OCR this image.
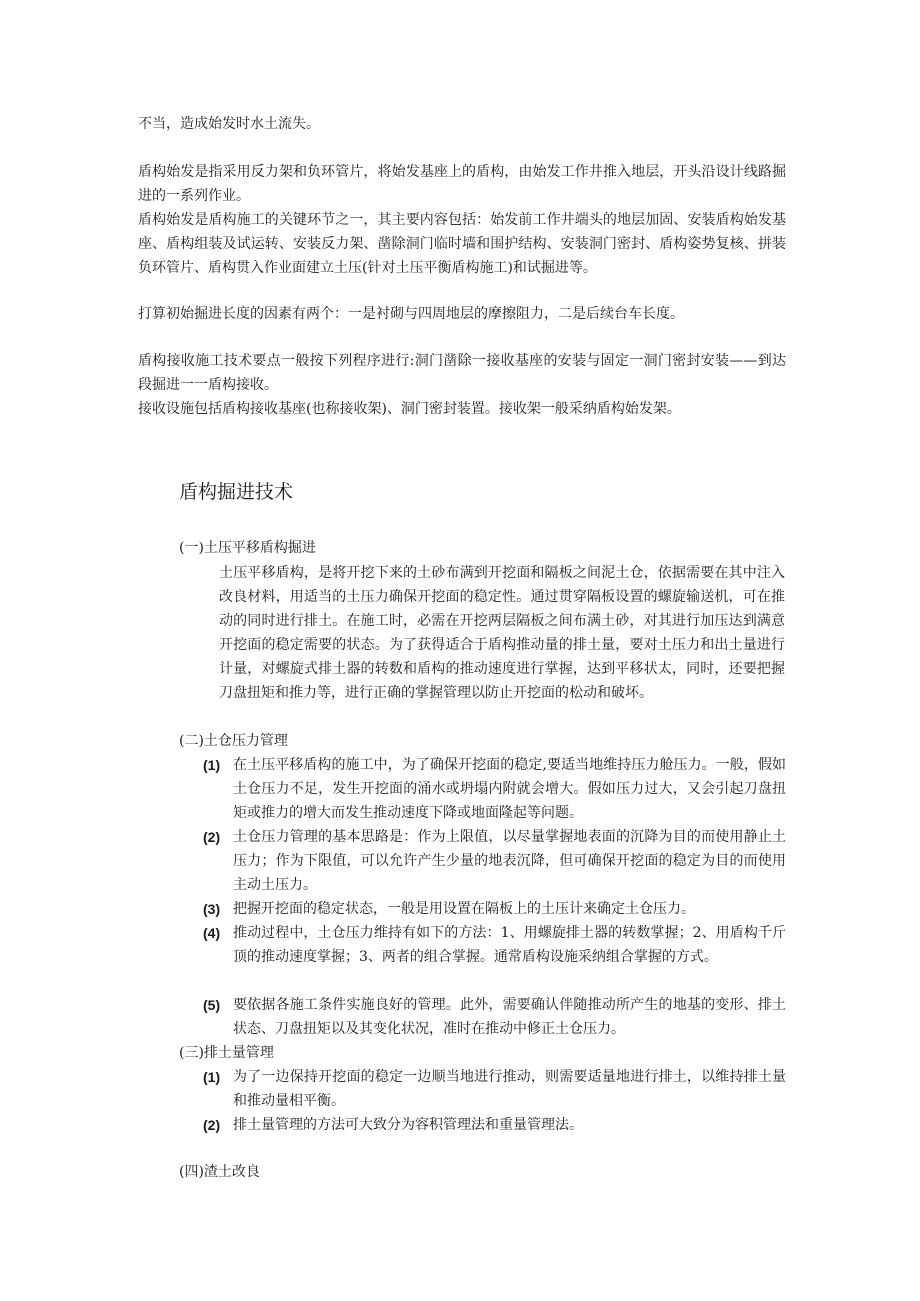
不当，造成始发时水土流失。

盾构始发是指采用反力架和负环管片，将始发基座上的盾构，由始发工作井推入地层，开头沿设计线路掘进的一系列作业。

盾构始发是盾构施工的关键环节之一，其主要内容包括：始发前工作井端头的地层加固、安装盾构始发基座、盾构组装及试运转、安装反力架、凿除洞门临时墙和围护结构、安装洞门密封、盾构姿势复核、拼装负环管片、盾构贯入作业面建立土压(针对土压平衡盾构施工)和试掘进等。

打算初始掘进长度的因素有两个：一是衬砌与四周地层的摩擦阻力，二是后续台车长度。

盾构接收施工技术要点一般按下列程序进行:洞门凿除一接收基座的安装与固定一洞门密封安装——到达段掘进一一盾构接收。

接收设施包括盾构接收基座(也称接收架)、洞门密封装置。接收架一般采纳盾构始发架。

盾构掘进技术

(一)土压平移盾构掘进

土压平移盾构，是将开挖下来的土砂布满到开挖面和隔板之间泥土仓，依据需要在其中注入改良材料，用适当的土压力确保开挖面的稳定性。通过贯穿隔板设置的螺旋输送机，可在推动的同时进行排土。在施工时，必需在开挖两层隔板之间布满土砂，对其进行加压达到满意开挖面的稳定需要的状态。为了获得适合于盾构推动量的排土量，要对土压力和出土量进行计量，对螺旋式排土器的转数和盾构的推动速度进行掌握，达到平移状太，同时，还要把握刀盘扭矩和推力等，进行正确的掌握管理以防止开挖面的松动和破坏。

(二)土仓压力管理

(1) 在土压平移盾构的施工中，为了确保开挖面的稳定,要适当地维持压力舱压力。一般，假如土仓压力不足，发生开挖面的涌水或坍塌内附就会增大。假如压力过大，又会引起刀盘扭矩或推力的增大而发生推动速度下降或地面隆起等问题。
(2) 土仓压力管理的基本思路是：作为上限值，以尽量掌握地表面的沉降为目的而使用静止土压力；作为下限值，可以允许产生少量的地表沉降，但可确保开挖面的稳定为目的而使用主动土压力。
(3) 把握开挖面的稳定状态，一般是用设置在隔板上的土压计来确定土仓压力。
(4) 推动过程中，土仓压力维持有如下的方法：1、用螺旋排土器的转数掌握；2、用盾构千斤顶的推动速度掌握；3、两者的组合掌握。通常盾构设施采纳组合掌握的方式。
(5) 要依据各施工条件实施良好的管理。此外，需要确认伴随推动所产生的地基的变形、排土状态、刀盘扭矩以及其变化状况，准时在推动中修正土仓压力。

(三)排土量管理

(1) 为了一边保持开挖面的稳定一边顺当地进行推动，则需要适量地进行排土，以维持排土量和推动量相平衡。
(2) 排土量管理的方法可大致分为容积管理法和重量管理法。

(四)渣土改良
